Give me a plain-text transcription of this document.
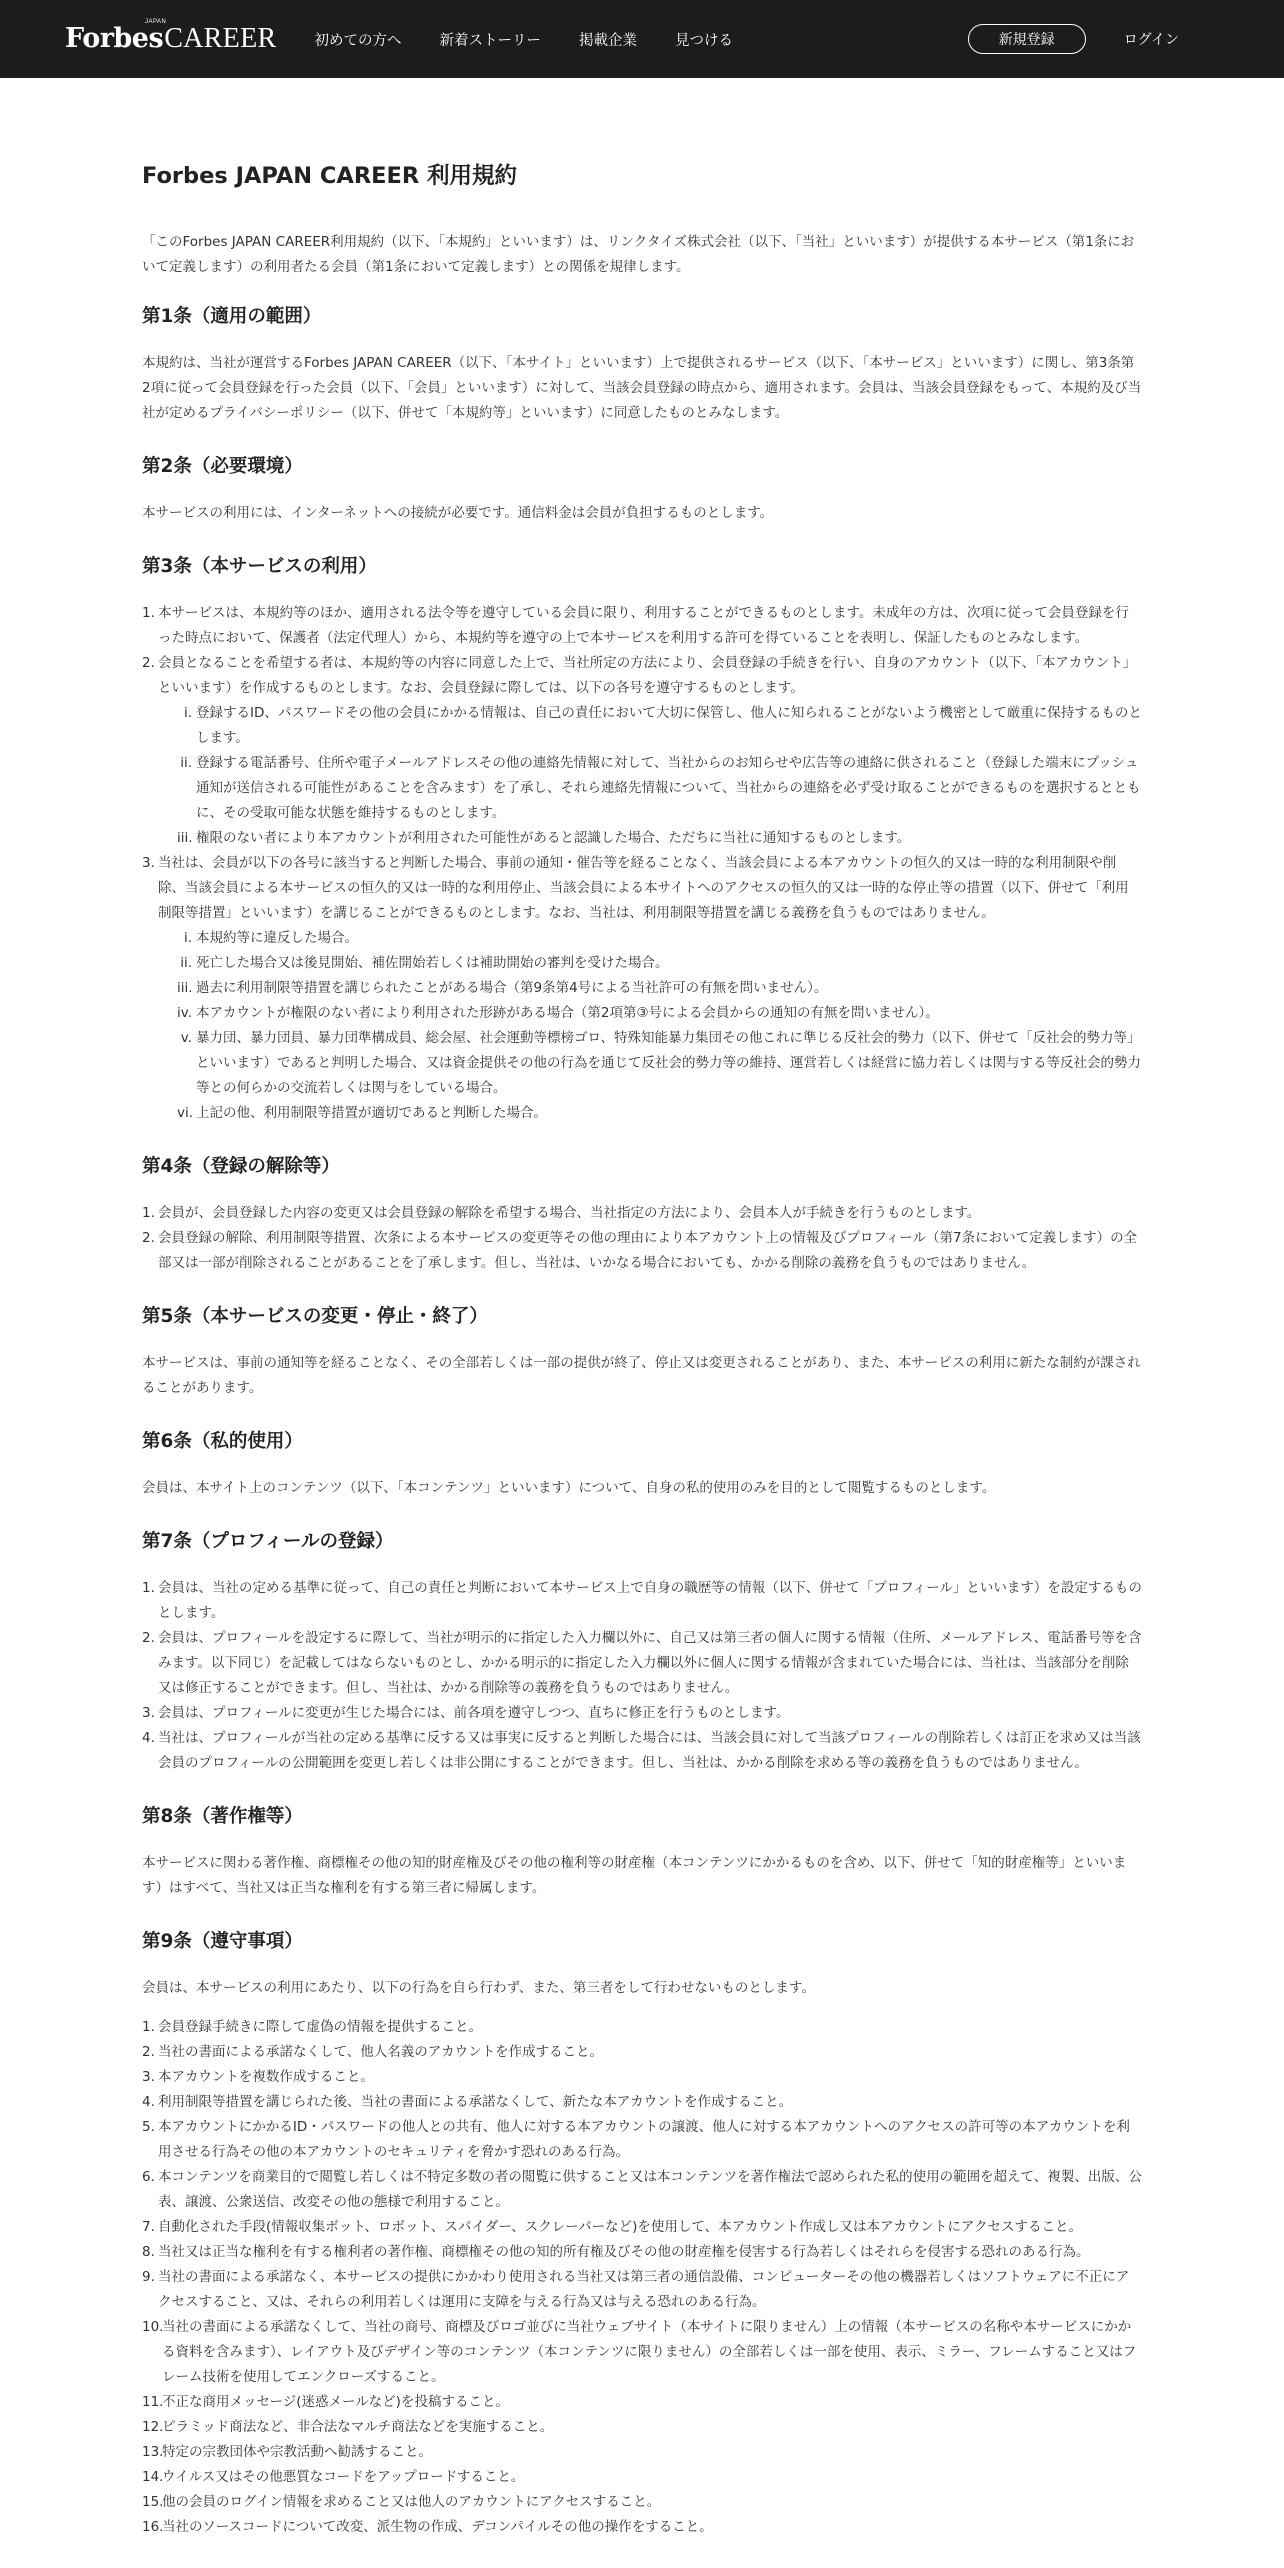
Forbes
JAPAN
CAREER	初めての方へ	新着ストーリー	掲載企業	見つける	新規登録	ログイン
Forbes JAPAN CAREER 利用規約

「このForbes JAPAN CAREER利用規約（以下、「本規約」といいます）は、リンクタイズ株式会社（以下、「当社」といいます）が提供する本サービス（第1条において定義します）の利用者たる会員（第1条において定義します）との関係を規律します。

第1条（適用の範囲）

本規約は、当社が運営するForbes JAPAN CAREER（以下、「本サイト」といいます）上で提供されるサービス（以下、「本サービス」といいます）に関し、第3条第2項に従って会員登録を行った会員（以下、「会員」といいます）に対して、当該会員登録の時点から、適用されます。会員は、当該会員登録をもって、本規約及び当社が定めるプライバシーポリシー（以下、併せて「本規約等」といいます）に同意したものとみなします。

第2条（必要環境）

本サービスの利用には、インターネットへの接続が必要です。通信料金は会員が負担するものとします。

第3条（本サービスの利用）
1. 本サービスは、本規約等のほか、適用される法令等を遵守している会員に限り、利用することができるものとします。未成年の方は、次項に従って会員登録を行った時点において、保護者（法定代理人）から、本規約等を遵守の上で本サービスを利用する許可を得ていることを表明し、保証したものとみなします。
2. 会員となることを希望する者は、本規約等の内容に同意した上で、当社所定の方法により、会員登録の手続きを行い、自身のアカウント（以下、「本アカウント」といいます）を作成するものとします。なお、会員登録に際しては、以下の各号を遵守するものとします。
i. 登録するID、パスワードその他の会員にかかる情報は、自己の責任において大切に保管し、他人に知られることがないよう機密として厳重に保持するものとします。
ii. 登録する電話番号、住所や電子メールアドレスその他の連絡先情報に対して、当社からのお知らせや広告等の連絡に供されること（登録した端末にプッシュ通知が送信される可能性があることを含みます）を了承し、それら連絡先情報について、当社からの連絡を必ず受け取ることができるものを選択するとともに、その受取可能な状態を維持するものとします。
iii. 権限のない者により本アカウントが利用された可能性があると認識した場合、ただちに当社に通知するものとします。
3. 当社は、会員が以下の各号に該当すると判断した場合、事前の通知・催告等を経ることなく、当該会員による本アカウントの恒久的又は一時的な利用制限や削除、当該会員による本サービスの恒久的又は一時的な利用停止、当該会員による本サイトへのアクセスの恒久的又は一時的な停止等の措置（以下、併せて「利用制限等措置」といいます）を講じることができるものとします。なお、当社は、利用制限等措置を講じる義務を負うものではありません。
i. 本規約等に違反した場合。
ii. 死亡した場合又は後見開始、補佐開始若しくは補助開始の審判を受けた場合。
iii. 過去に利用制限等措置を講じられたことがある場合（第9条第4号による当社許可の有無を問いません）。
iv. 本アカウントが権限のない者により利用された形跡がある場合（第2項第③号による会員からの通知の有無を問いません）。
v. 暴力団、暴力団員、暴力団準構成員、総会屋、社会運動等標榜ゴロ、特殊知能暴力集団その他これに準じる反社会的勢力（以下、併せて「反社会的勢力等」といいます）であると判明した場合、又は資金提供その他の行為を通じて反社会的勢力等の維持、運営若しくは経営に協力若しくは関与する等反社会的勢力等との何らかの交流若しくは関与をしている場合。
vi. 上記の他、利用制限等措置が適切であると判断した場合。
第4条（登録の解除等）
1. 会員が、会員登録した内容の変更又は会員登録の解除を希望する場合、当社指定の方法により、会員本人が手続きを行うものとします。
2. 会員登録の解除、利用制限等措置、次条による本サービスの変更等その他の理由により本アカウント上の情報及びプロフィール（第7条において定義します）の全部又は一部が削除されることがあることを了承します。但し、当社は、いかなる場合においても、かかる削除の義務を負うものではありません。
第5条（本サービスの変更・停止・終了）

本サービスは、事前の通知等を経ることなく、その全部若しくは一部の提供が終了、停止又は変更されることがあり、また、本サービスの利用に新たな制約が課されることがあります。

第6条（私的使用）

会員は、本サイト上のコンテンツ（以下、「本コンテンツ」といいます）について、自身の私的使用のみを目的として閲覧するものとします。

第7条（プロフィールの登録）
1. 会員は、当社の定める基準に従って、自己の責任と判断において本サービス上で自身の職歴等の情報（以下、併せて「プロフィール」といいます）を設定するものとします。
2. 会員は、プロフィールを設定するに際して、当社が明示的に指定した入力欄以外に、自己又は第三者の個人に関する情報（住所、メールアドレス、電話番号等を含みます。以下同じ）を記載してはならないものとし、かかる明示的に指定した入力欄以外に個人に関する情報が含まれていた場合には、当社は、当該部分を削除又は修正することができます。但し、当社は、かかる削除等の義務を負うものではありません。
3. 会員は、プロフィールに変更が生じた場合には、前各項を遵守しつつ、直ちに修正を行うものとします。
4. 当社は、プロフィールが当社の定める基準に反する又は事実に反すると判断した場合には、当該会員に対して当該プロフィールの削除若しくは訂正を求め又は当該会員のプロフィールの公開範囲を変更し若しくは非公開にすることができます。但し、当社は、かかる削除を求める等の義務を負うものではありません。
第8条（著作権等）

本サービスに関わる著作権、商標権その他の知的財産権及びその他の権利等の財産権（本コンテンツにかかるものを含め、以下、併せて「知的財産権等」といいます）はすべて、当社又は正当な権利を有する第三者に帰属します。

第9条（遵守事項）

会員は、本サービスの利用にあたり、以下の行為を自ら行わず、また、第三者をして行わせないものとします。

1. 会員登録手続きに際して虚偽の情報を提供すること。
2. 当社の書面による承諾なくして、他人名義のアカウントを作成すること。
3. 本アカウントを複数作成すること。
4. 利用制限等措置を講じられた後、当社の書面による承諾なくして、新たな本アカウントを作成すること。
5. 本アカウントにかかるID・パスワードの他人との共有、他人に対する本アカウントの譲渡、他人に対する本アカウントへのアクセスの許可等の本アカウントを利用させる行為その他の本アカウントのセキュリティを脅かす恐れのある行為。
6. 本コンテンツを商業目的で閲覧し若しくは不特定多数の者の閲覧に供すること又は本コンテンツを著作権法で認められた私的使用の範囲を超えて、複製、出版、公表、譲渡、公衆送信、改変その他の態様で利用すること。
7. 自動化された手段(情報収集ボット、ロボット、スパイダー、スクレーパーなど)を使用して、本アカウント作成し又は本アカウントにアクセスすること。
8. 当社又は正当な権利を有する権利者の著作権、商標権その他の知的所有権及びその他の財産権を侵害する行為若しくはそれらを侵害する恐れのある行為。
9. 当社の書面による承諾なく、本サービスの提供にかかわり使用される当社又は第三者の通信設備、コンピューターその他の機器若しくはソフトウェアに不正にアクセスすること、又は、それらの利用若しくは運用に支障を与える行為又は与える恐れのある行為。
10.
当社の書面による承諾なくして、当社の商号、商標及びロゴ並びに当社ウェブサイト（本サイトに限りません）上の情報（本サービスの名称や本サービスにかかる資料を含みます）、レイアウト及びデザイン等のコンテンツ（本コンテンツに限りません）の全部若しくは一部を使用、表示、ミラー、フレームすること又はフレーム技術を使用してエンクローズすること。
11.
不正な商用メッセージ(迷惑メールなど)を投稿すること。
12.
ピラミッド商法など、非合法なマルチ商法などを実施すること。
13.
特定の宗教団体や宗教活動へ勧誘すること。
14.
ウイルス又はその他悪質なコードをアップロードすること。
15.
他の会員のログイン情報を求めること又は他人のアカウントにアクセスすること。
16.
当社のソースコードについて改変、派生物の作成、デコンパイルその他の操作をすること。
